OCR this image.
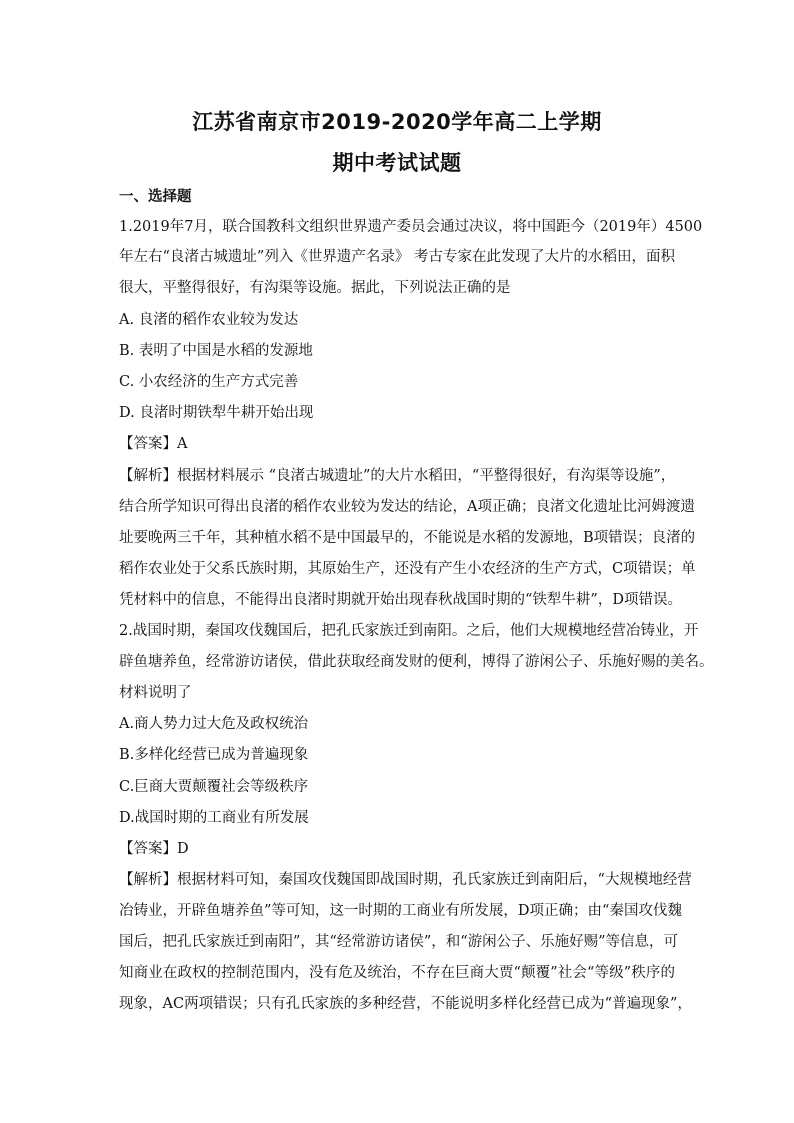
江苏省南京市2019-2020学年高二上学期
期中考试试题
一、选择题
1.2019年7月，联合国教科文组织世界遗产委员会通过决议，将中国距今（2019年）4500
年左右“良渚古城遗址”列入《世界遗产名录》 考古专家在此发现了大片的水稻田，面积
很大，平整得很好，有沟渠等设施。据此，下列说法正确的是
A. 良渚的稻作农业较为发达
B. 表明了中国是水稻的发源地
C. 小农经济的生产方式完善
D. 良渚时期铁犁牛耕开始出现
【答案】A
【解析】根据材料展示 “良渚古城遗址”的大片水稻田，“平整得很好，有沟渠等设施”，
结合所学知识可得出良渚的稻作农业较为发达的结论，A项正确；良渚文化遗址比河姆渡遗
址要晚两三千年，其种植水稻不是中国最早的，不能说是水稻的发源地，B项错误；良渚的
稻作农业处于父系氏族时期，其原始生产，还没有产生小农经济的生产方式，C项错误；单
凭材料中的信息，不能得出良渚时期就开始出现春秋战国时期的“铁犁牛耕”，D项错误。
2.战国时期，秦国攻伐魏国后，把孔氏家族迁到南阳。之后，他们大规模地经营冶铸业，开
辟鱼塘养鱼，经常游访诸侯，借此获取经商发财的便利，博得了游闲公子、乐施好赐的美名。
材料说明了
A.商人势力过大危及政权统治
B.多样化经营已成为普遍现象
C.巨商大贾颠覆社会等级秩序
D.战国时期的工商业有所发展
【答案】D
【解析】根据材料可知，秦国攻伐魏国即战国时期，孔氏家族迁到南阳后，“大规模地经营
冶铸业，开辟鱼塘养鱼”等可知，这一时期的工商业有所发展，D项正确；由“秦国攻伐魏
国后，把孔氏家族迁到南阳”，其“经常游访诸侯”，和“游闲公子、乐施好赐”等信息，可
知商业在政权的控制范围内，没有危及统治，不存在巨商大贾“颠覆”社会“等级”秩序的
现象，AC两项错误；只有孔氏家族的多种经营，不能说明多样化经营已成为“普遍现象”，
